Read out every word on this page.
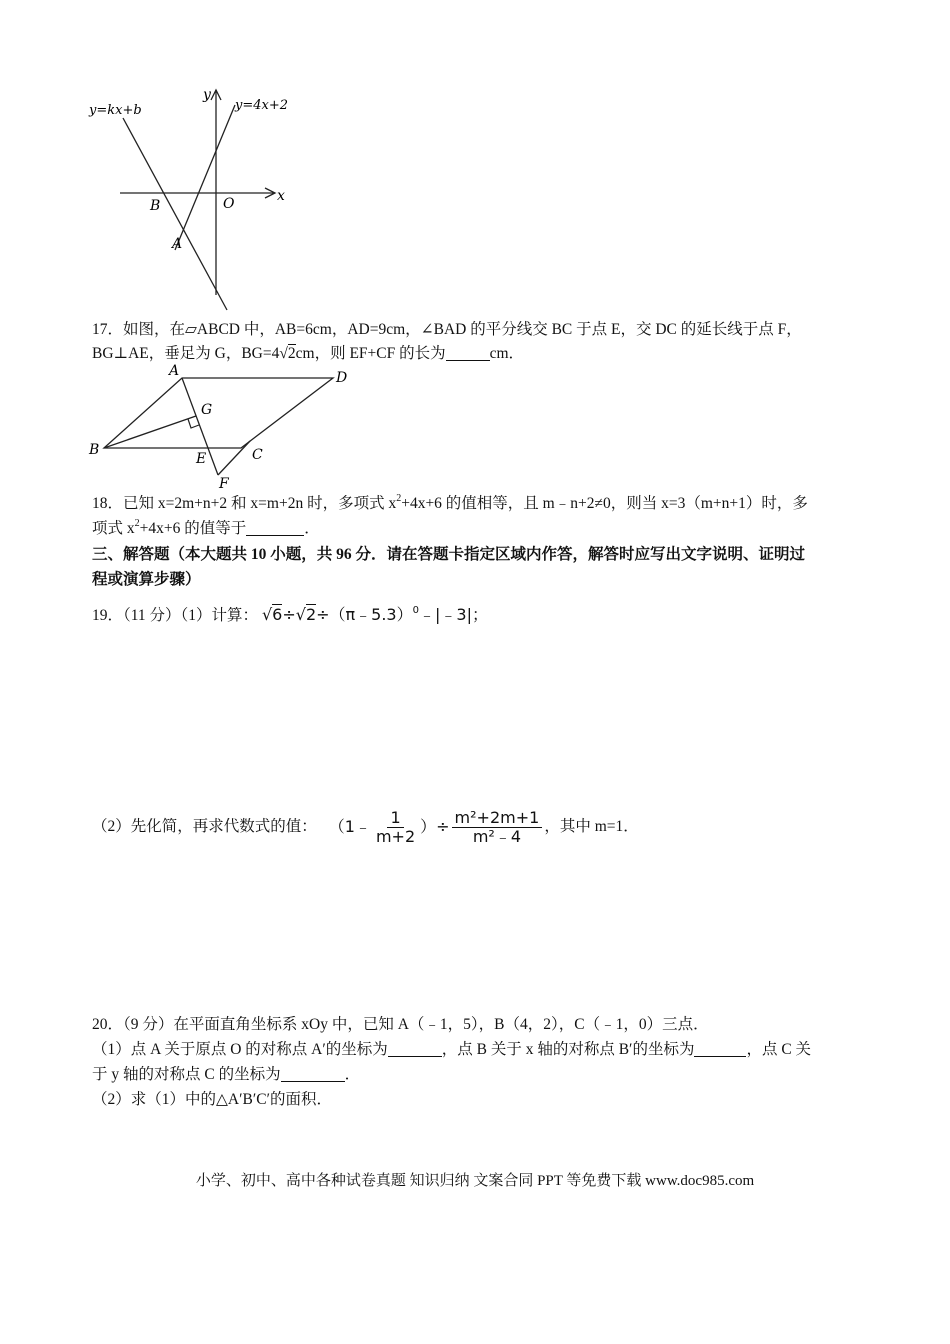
y=kx+b	y=4x+2
y
x
B	O
A
17．如图，在▱ABCD 中，AB=6cm，AD=9cm，∠BAD 的平分线交 BC 于点 E，交 DC 的延长线于点 F，
BG⊥AE，垂足为 G，BG=4√2cm，则 EF+CF 的长为	cm．
A	D
G
B
E	C
F
18．已知 x=2m+n+2 和 x=m+2n 时，多项式 $x^2+4x+6$ 的值相等，且 m﹣n+2≠0，则当 x=3（m+n+1）时，多
项式 $x^2+4x+6$ 的值等于	．
三、解答题（本大题共 10 小题，共 96 分．请在答题卡指定区域内作答，解答时应写出文字说明、证明过
程或演算步骤）
19．（11 分）（1）计算： √6÷√2÷（π﹣5.3）$^0$﹣|﹣3|；
（2）先化简，再求代数式的值： （1﹣ $\frac{1}{m+2}$ ）÷ $\frac{\text{m²+2m+1}}{\text{m²﹣4}}$ ，其中 m=1．
20．（9 分）在平面直角坐标系 xOy 中，已知 A（﹣1，5），B（4，2），C（﹣1，0）三点．
（1）点 A 关于原点 O 的对称点 A′的坐标为	，点 B 关于 x 轴的对称点 B′的坐标为	，点 C 关
于 y 轴的对称点 C 的坐标为	．
（2）求（1）中的△A′B′C′的面积．
小学、初中、高中各种试卷真题 知识归纳 文案合同 PPT 等免费下载 www.doc985.com
